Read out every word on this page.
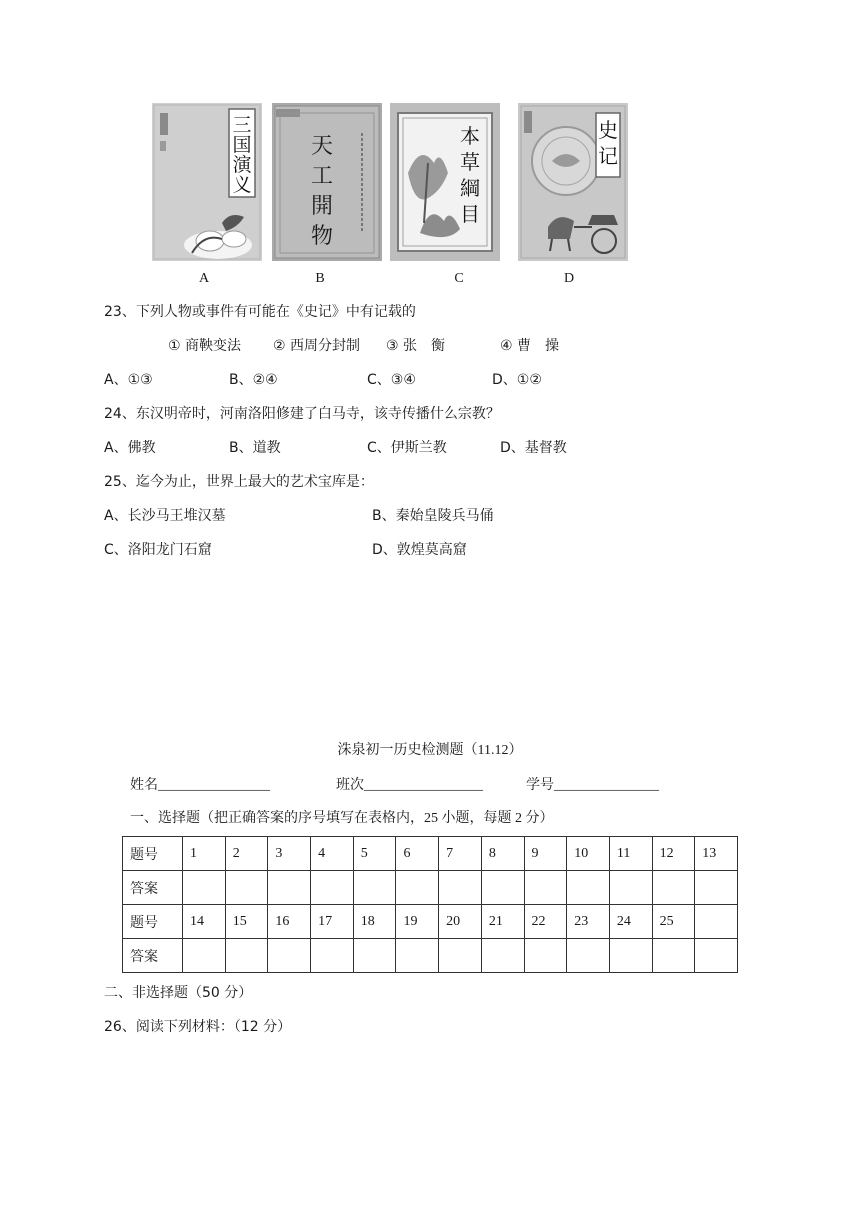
三
国
演
义
天
工
開
物
本
草
綱
目
史
记
A	B	C	D
23、下列人物或事件有可能在《史记》中有记载的
① 商鞅变法 ② 西周分封制 ③ 张　衡	④ 曹　操
A、①③	B、②④	C、③④	D、①②
24、东汉明帝时，河南洛阳修建了白马寺，该寺传播什么宗教？
A、佛教	B、道教	C、伊斯兰教	D、基督教
25、迄今为止，世界上最大的艺术宝库是：
A、长沙马王堆汉墓	B、秦始皇陵兵马俑
C、洛阳龙门石窟	D、敦煌莫高窟
洙泉初一历史检测题（11.12）
姓名________________	班次_________________	学号_______________
一、选择题（把正确答案的序号填写在表格内，25 小题，每题 2 分）
题号	1	2	3	4	5	6	7	8	9	10	11	12	13
答案													
题号	14	15	16	17	18	19	20	21	22	23	24	25	
答案													
二、非选择题（50 分）
26、阅读下列材料：（12 分）
